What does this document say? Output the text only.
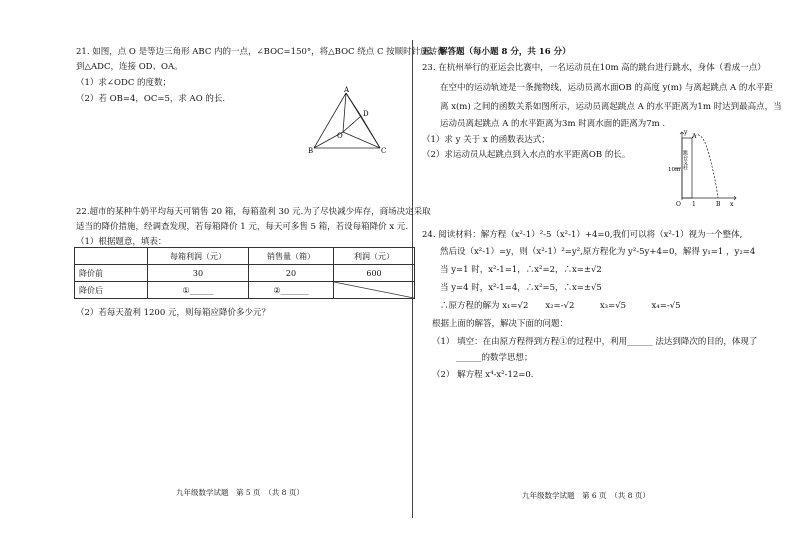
21. 如图，点 O 是等边三角形 ABC 内的一点，∠BOC=150°，将△BOC 绕点 C 按顺时针旋转得
到△ADC，连接 OD、OA。
（1）求∠ODC 的度数；
（2）若 OB=4，OC=5，求 AO 的长.
A
B	C
D
O
22.超市的某种牛奶平均每天可销售 20 箱，每箱盈利 30 元.为了尽快减少库存，商场决定采取
适当的降价措施，经调查发现，若每箱降价 1 元，每天可多售 5 箱，若设每箱降价 x 元.
（1）根据题意，填表：
	每箱利润（元）	销售量（箱）	利润（元）
降价前	30	20	600
降价后	①______	②_______	
（2）若每天盈利 1200 元，则每箱应降价多少元？
九年级数学试题　第 5 页　（共 8 页）
五、解答题（每小题 8 分，共 16 分）
23. 在杭州举行的亚运会比赛中，一名运动员在10m 高的跳台进行跳水，身体（看成一点）
在空中的运动轨迹是一条抛物线，运动员离水面OB 的高度 y(m) 与离起跳点 A 的水平距
离 x(m) 之间的函数关系如图所示，运动员离起跳点 A 的水平距离为1m 时达到最高点，当
运动员离起跳点 A 的水平距离为3m 时离水面的距离为7m .
（1）求 y 关于 x 的函数表达式；
（2）求运动员从起跳点到入水点的水平距离OB 的长。
y
x
A
10m
O 1	B
跳台支柱
24. 阅读材料：解方程（x²-1）²-5（x²-1）+4=0,我们可以将（x²-1）视为一个整体,
然后设（x²-1）=y，则（x²-1）²=y²,原方程化为 y²-5y+4=0，解得 y₁=1 ，y₂=4
当 y=1 时，x²-1=1，∴x²=2，∴x=±√2
当 y=4 时，x²-1=4，∴x²=5，∴x=±√5
∴原方程的解为 x₁=√2　　x₂=-√2　　　x₃=√5　　　x₄=-√5
根据上面的解答，解决下面的问题：
（1） 填空：在由原方程得到方程①的过程中，利用______ 法达到降次的目的，体现了
______的数学思想；
（2） 解方程 x⁴-x²-12=0.
九年级数学试题　第 6 页　（共 8 页）
